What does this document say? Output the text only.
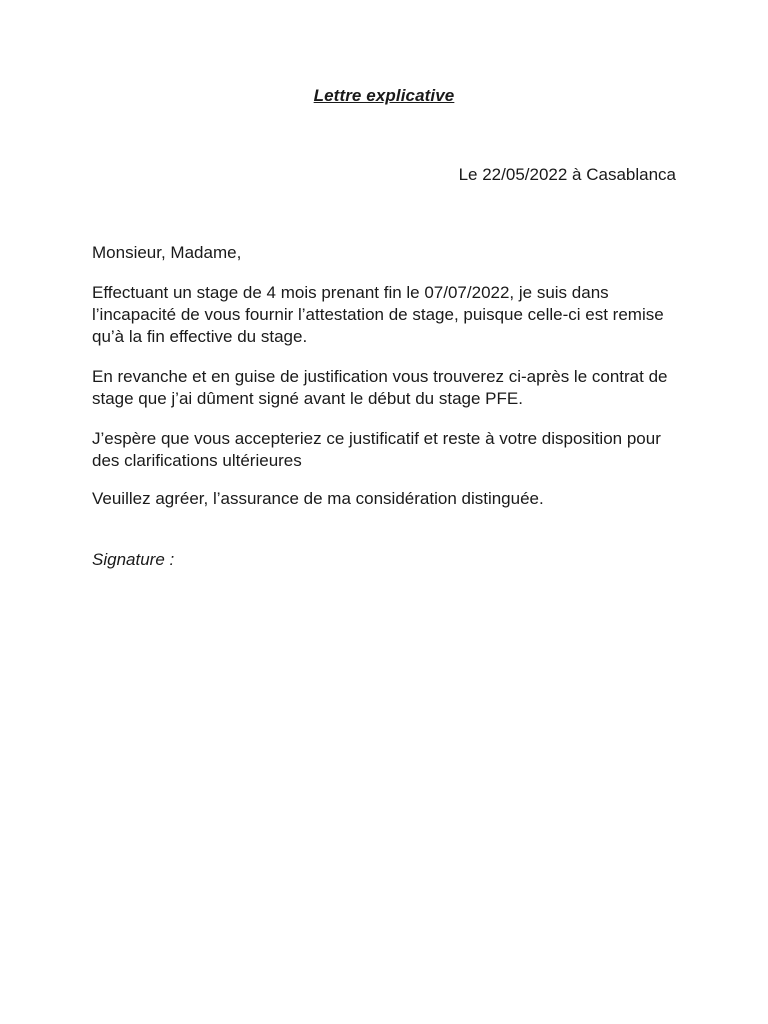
Lettre explicative
Le 22/05/2022 à Casablanca

Monsieur, Madame,

Effectuant un stage de 4 mois prenant fin le 07/07/2022, je suis dans l’incapacité de vous fournir l’attestation de stage, puisque celle-ci est remise qu’à la fin effective du stage.

En revanche et en guise de justification vous trouverez ci-après le contrat de stage que j’ai dûment signé avant le début du stage PFE.

J’espère que vous accepteriez ce justificatif et reste à votre disposition pour des clarifications ultérieures

Veuillez agréer, l’assurance de ma considération distinguée.

Signature :
